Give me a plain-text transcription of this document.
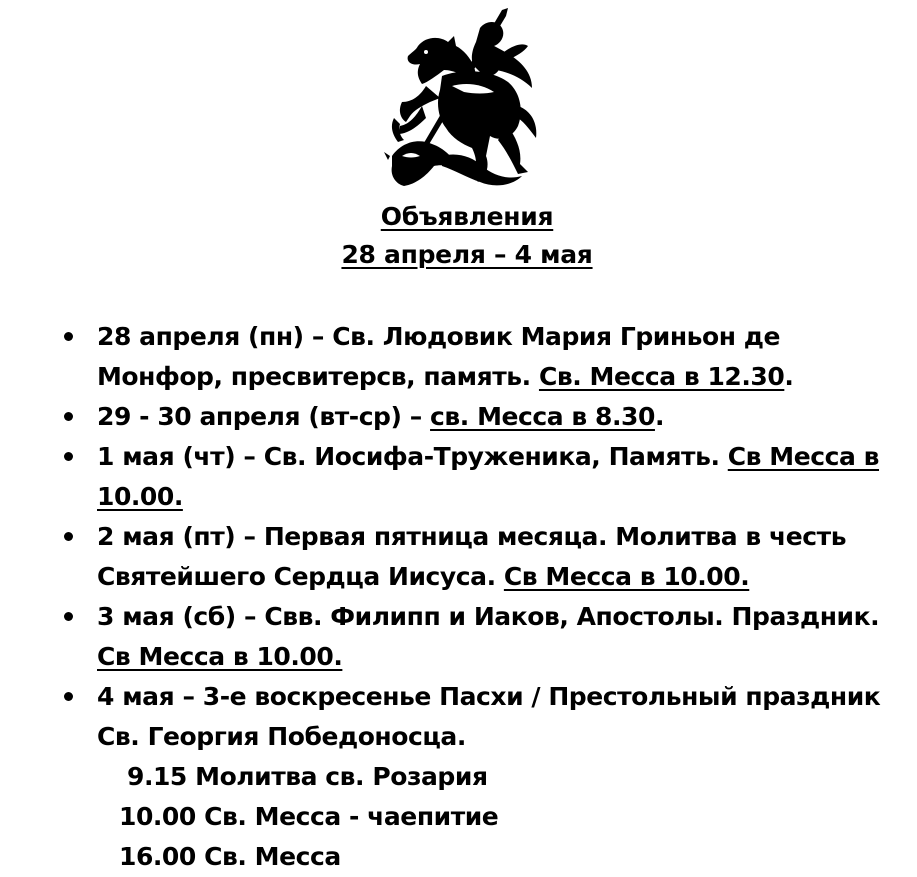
Объявления
28 апреля – 4 мая
28 апреля (пн) – Св. Людовик Мария Гриньон де Монфор, пресвитерсв, память. Св. Месса в 12.30.
29 - 30 апреля (вт-ср) – св. Месса в 8.30.
1 мая (чт) – Св. Иосифа-Труженика, Память. Св Месса в 10.00.
2 мая (пт) – Первая пятница месяца. Молитва в честь Святейшего Сердца Иисуса. Св Месса в 10.00.
3 мая (сб) – Свв. Филипп и Иаков, Апостолы. Праздник. Св Месса в 10.00.
4 мая – 3-е воскресенье Пасхи / Престольный праздник Св. Георгия Победоносца.
9.15 Молитва св. Розария
10.00 Св. Месса - чаепитие
16.00 Св. Месса
